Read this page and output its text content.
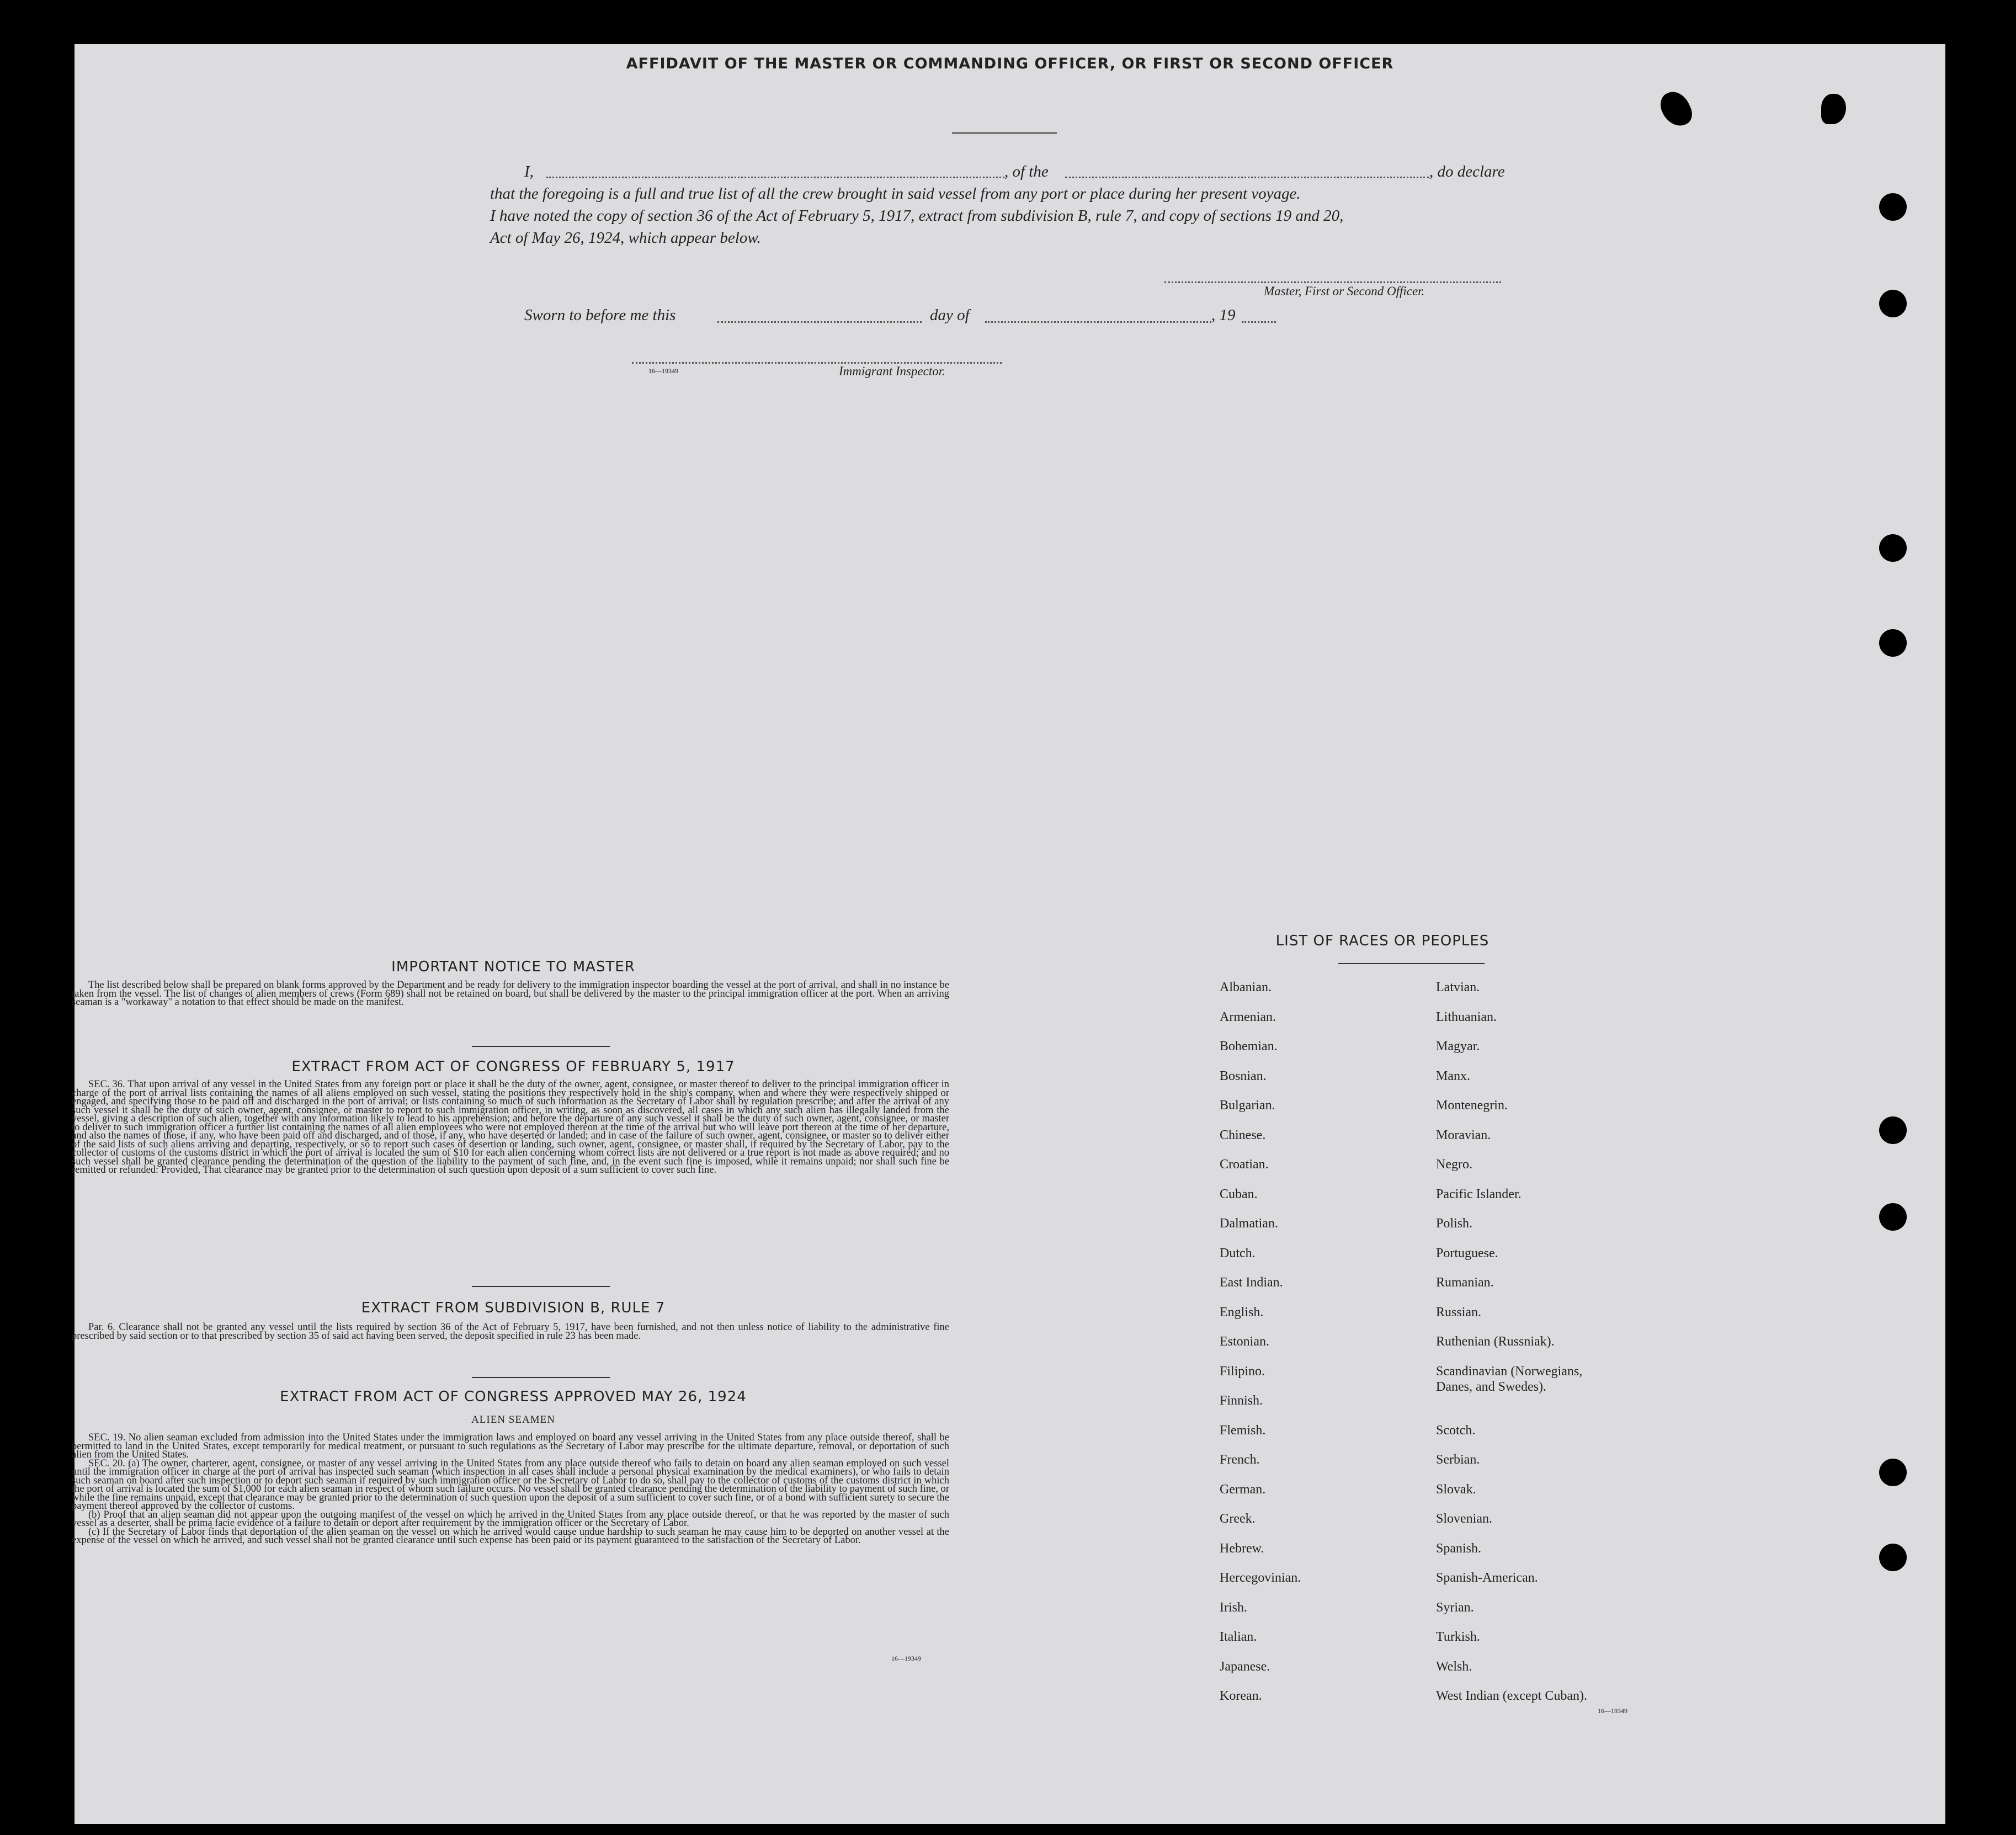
AFFIDAVIT OF THE MASTER OR COMMANDING OFFICER, OR FIRST OR SECOND OFFICER
I,	, of the	, do declare
that the foregoing is a full and true list of all the crew brought in said vessel from any port or place during her present voyage.
I have noted the copy of section 36 of the Act of February 5, 1917, extract from subdivision B, rule 7, and copy of sections 19 and 20,
Act of May 26, 1924, which appear below.
Master, First or Second Officer.
Sworn to before me this	day of	, 19
16—19349	Immigrant Inspector.
IMPORTANT NOTICE TO MASTER

The list described below shall be prepared on blank forms approved by the Department and be ready for delivery to the immigration inspector boarding the vessel at the port of arrival, and shall in no instance be taken from the vessel. The list of changes of alien members of crews (Form 689) shall not be retained on board, but shall be delivered by the master to the principal immigration officer at the port. When an arriving seaman is a "workaway" a notation to that effect should be made on the manifest.

EXTRACT FROM ACT OF CONGRESS OF FEBRUARY 5, 1917

SEC. 36. That upon arrival of any vessel in the United States from any foreign port or place it shall be the duty of the owner, agent, consignee, or master thereof to deliver to the principal immigration officer in charge of the port of arrival lists containing the names of all aliens employed on such vessel, stating the positions they respectively hold in the ship's company, when and where they were respectively shipped or engaged, and specifying those to be paid off and discharged in the port of arrival; or lists containing so much of such information as the Secretary of Labor shall by regulation prescribe; and after the arrival of any such vessel it shall be the duty of such owner, agent, consignee, or master to report to such immigration officer, in writing, as soon as discovered, all cases in which any such alien has illegally landed from the vessel, giving a description of such alien, together with any information likely to lead to his apprehension; and before the departure of any such vessel it shall be the duty of such owner, agent, consignee, or master to deliver to such immigration officer a further list containing the names of all alien employees who were not employed thereon at the time of the arrival but who will leave port thereon at the time of her departure, and also the names of those, if any, who have been paid off and discharged, and of those, if any, who have deserted or landed; and in case of the failure of such owner, agent, consignee, or master so to deliver either of the said lists of such aliens arriving and departing, respectively, or so to report such cases of desertion or landing, such owner, agent, consignee, or master shall, if required by the Secretary of Labor, pay to the collector of customs of the customs district in which the port of arrival is located the sum of $10 for each alien concerning whom correct lists are not delivered or a true report is not made as above required; and no such vessel shall be granted clearance pending the determination of the question of the liability to the payment of such fine, and, in the event such fine is imposed, while it remains unpaid; nor shall such fine be remitted or refunded: Provided, That clearance may be granted prior to the determination of such question upon deposit of a sum sufficient to cover such fine.

EXTRACT FROM SUBDIVISION B, RULE 7

Par. 6. Clearance shall not be granted any vessel until the lists required by section 36 of the Act of February 5, 1917, have been furnished, and not then unless notice of liability to the administrative fine prescribed by said section or to that prescribed by section 35 of said act having been served, the deposit specified in rule 23 has been made.

EXTRACT FROM ACT OF CONGRESS APPROVED MAY 26, 1924
ALIEN SEAMEN

SEC. 19. No alien seaman excluded from admission into the United States under the immigration laws and employed on board any vessel arriving in the United States from any place outside thereof, shall be permitted to land in the United States, except temporarily for medical treatment, or pursuant to such regulations as the Secretary of Labor may prescribe for the ultimate departure, removal, or deportation of such alien from the United States.

SEC. 20. (a) The owner, charterer, agent, consignee, or master of any vessel arriving in the United States from any place outside thereof who fails to detain on board any alien seaman employed on such vessel until the immigration officer in charge at the port of arrival has inspected such seaman (which inspection in all cases shall include a personal physical examination by the medical examiners), or who fails to detain such seaman on board after such inspection or to deport such seaman if required by such immigration officer or the Secretary of Labor to do so, shall pay to the collector of customs of the customs district in which the port of arrival is located the sum of $1,000 for each alien seaman in respect of whom such failure occurs. No vessel shall be granted clearance pending the determination of the liability to payment of such fine, or while the fine remains unpaid, except that clearance may be granted prior to the determination of such question upon the deposit of a sum sufficient to cover such fine, or of a bond with sufficient surety to secure the payment thereof approved by the collector of customs.

(b) Proof that an alien seaman did not appear upon the outgoing manifest of the vessel on which he arrived in the United States from any place outside thereof, or that he was reported by the master of such vessel as a deserter, shall be prima facie evidence of a failure to detain or deport after requirement by the immigration officer or the Secretary of Labor.

(c) If the Secretary of Labor finds that deportation of the alien seaman on the vessel on which he arrived would cause undue hardship to such seaman he may cause him to be deported on another vessel at the expense of the vessel on which he arrived, and such vessel shall not be granted clearance until such expense has been paid or its payment guaranteed to the satisfaction of the Secretary of Labor.

16—19349
LIST OF RACES OR PEOPLES
Albanian.
Armenian.
Bohemian.
Bosnian.
Bulgarian.
Chinese.
Croatian.
Cuban.
Dalmatian.
Dutch.
East Indian.
English.
Estonian.
Filipino.
Finnish.
Flemish.
French.
German.
Greek.
Hebrew.
Hercegovinian.
Irish.
Italian.
Japanese.
Korean.
Latvian.
Lithuanian.
Magyar.
Manx.
Montenegrin.
Moravian.
Negro.
Pacific Islander.
Polish.
Portuguese.
Rumanian.
Russian.
Ruthenian (Russniak).
Scandinavian (Norwegians,
Danes, and Swedes).
Scotch.
Serbian.
Slovak.
Slovenian.
Spanish.
Spanish-American.
Syrian.
Turkish.
Welsh.
West Indian (except Cuban).
16—19349
